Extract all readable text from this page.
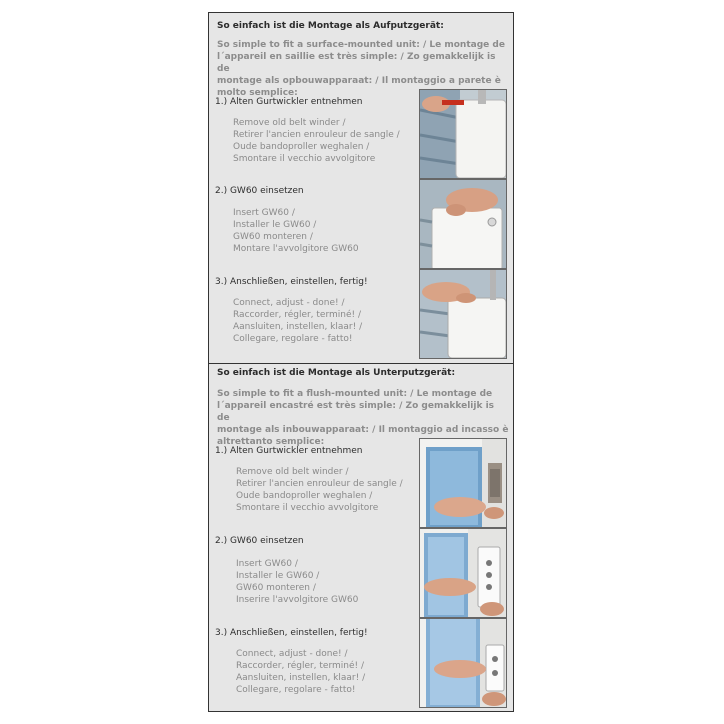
So einfach ist die Montage als Aufputzgerät:
So simple to fit a surface-mounted unit: / Le montage de
l´appareil en saillie est très simple: / Zo gemakkelijk is de
montage als opbouwapparaat: / Il montaggio a parete è
molto semplice:
1.) Alten Gurtwickler entnehmen
Remove old belt winder /
Retirer l'ancien enrouleur de sangle /
Oude bandoproller weghalen /
Smontare il vecchio avvolgitore
2.) GW60 einsetzen
Insert GW60 /
Installer le GW60 /
GW60 monteren /
Montare l'avvolgitore GW60
3.) Anschließen, einstellen, fertig!
Connect, adjust - done! /
Raccorder, régler, terminé! /
Aansluiten, instellen, klaar! /
Collegare, regolare - fatto!
So einfach ist die Montage als Unterputzgerät:
So simple to fit a flush-mounted unit: / Le montage de
l´appareil encastré est très simple: / Zo gemakkelijk is de
montage als inbouwapparaat: / Il montaggio ad incasso è
altrettanto semplice:
1.) Alten Gurtwickler entnehmen
Remove old belt winder /
Retirer l'ancien enrouleur de sangle /
Oude bandoproller weghalen /
Smontare il vecchio avvolgitore
2.) GW60 einsetzen
Insert GW60 /
Installer le GW60 /
GW60 monteren /
Inserire l'avvolgitore GW60
3.) Anschließen, einstellen, fertig!
Connect, adjust - done! /
Raccorder, régler, terminé! /
Aansluiten, instellen, klaar! /
Collegare, regolare - fatto!
